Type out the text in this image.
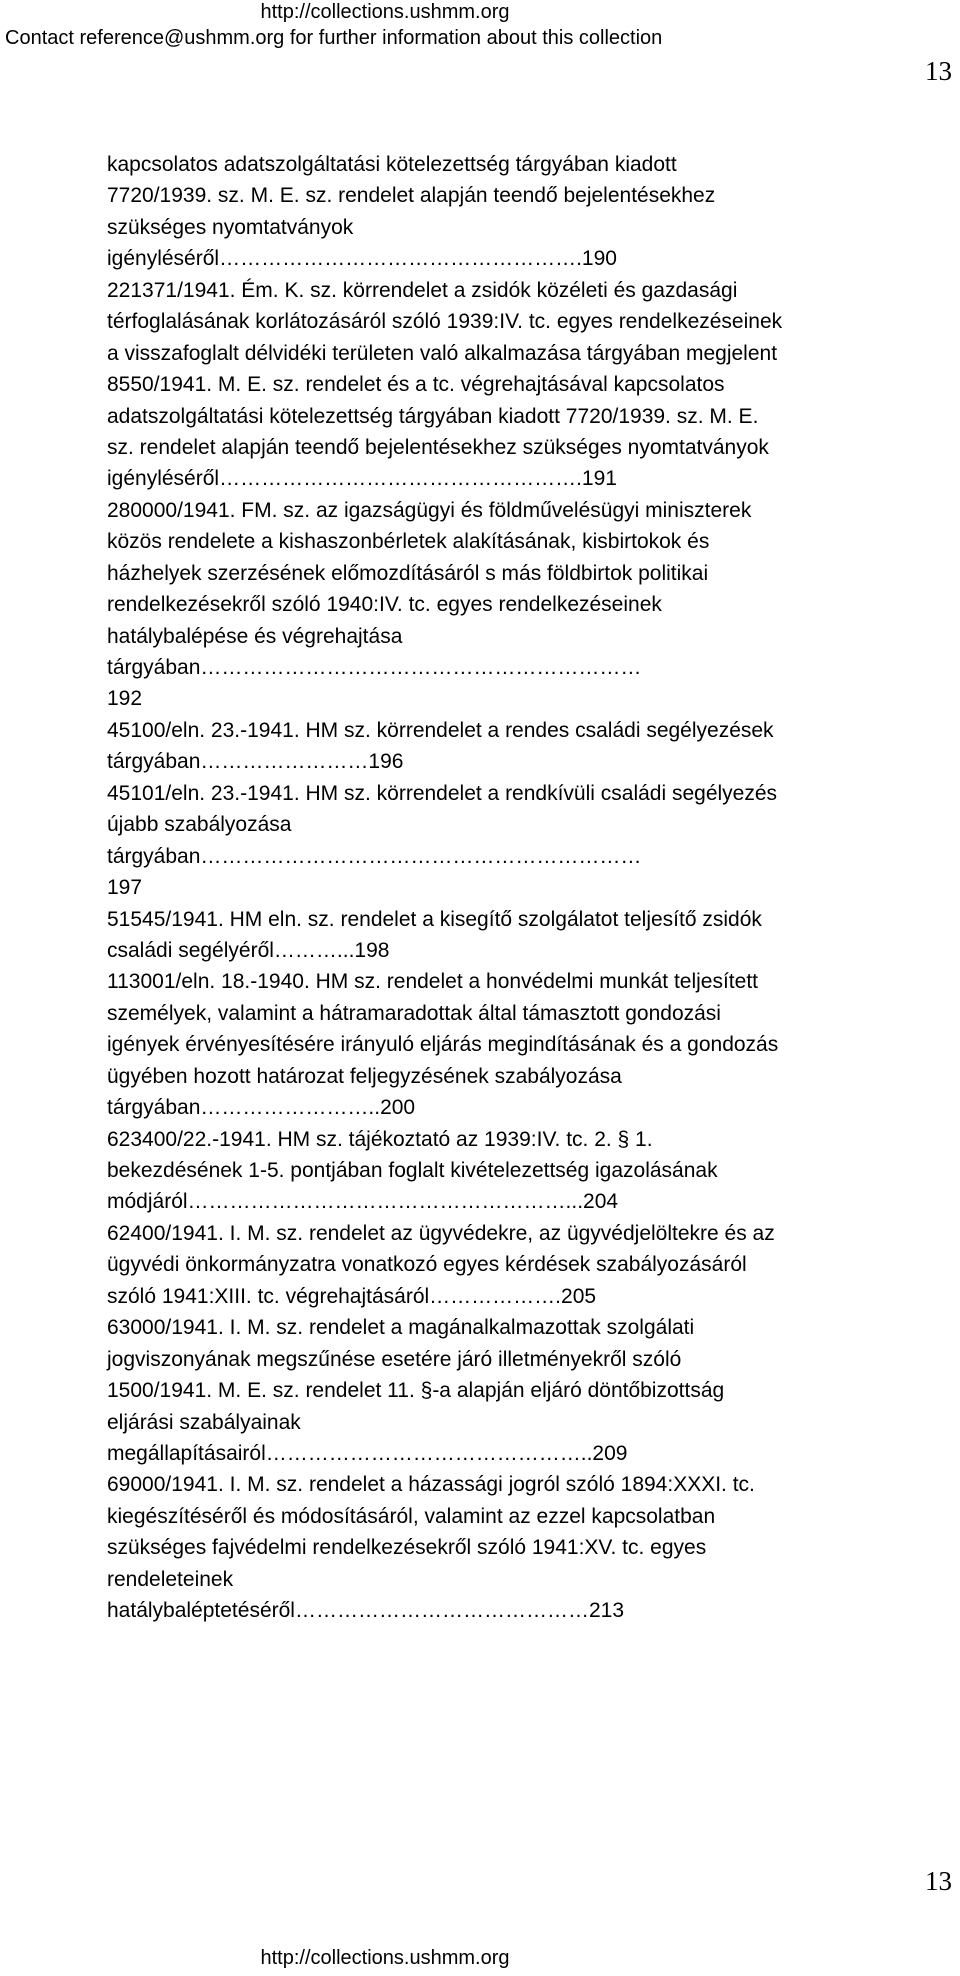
http://collections.ushmm.org
Contact reference@ushmm.org for further information about this collection
13
kapcsolatos adatszolgáltatási kötelezettség tárgyában kiadott
7720/1939. sz. M. E. sz. rendelet alapján teendő bejelentésekhez
szükséges nyomtatványok
igényléséről…………………………………………….190
221371/1941. Ém. K. sz. körrendelet a zsidók közéleti és gazdasági
térfoglalásának korlátozásáról szóló 1939:IV. tc. egyes rendelkezéseinek
a visszafoglalt délvidéki területen való alkalmazása tárgyában megjelent
8550/1941. M. E. sz. rendelet és a tc. végrehajtásával kapcsolatos
adatszolgáltatási kötelezettség tárgyában kiadott 7720/1939. sz. M. E.
sz. rendelet alapján teendő bejelentésekhez szükséges nyomtatványok
igényléséről…………………………………………….191
280000/1941. FM. sz. az igazságügyi és földművelésügyi miniszterek
közös rendelete a kishaszonbérletek alakításának, kisbirtokok és
házhelyek szerzésének előmozdításáról s más földbirtok politikai
rendelkezésekről szóló 1940:IV. tc. egyes rendelkezéseinek
hatálybalépése és végrehajtása
tárgyában………………………………………………………
192
45100/eln. 23.-1941. HM sz. körrendelet a rendes családi segélyezések
tárgyában……………………196
45101/eln. 23.-1941. HM sz. körrendelet a rendkívüli családi segélyezés
újabb szabályozása
tárgyában………………………………………………………
197
51545/1941. HM eln. sz. rendelet a kisegítő szolgálatot teljesítő zsidók
családi segélyéről………...198
113001/eln. 18.-1940. HM sz. rendelet a honvédelmi munkát teljesített
személyek, valamint a hátramaradottak által támasztott gondozási
igények érvényesítésére irányuló eljárás megindításának és a gondozás
ügyében hozott határozat feljegyzésének szabályozása
tárgyában……………………..200
623400/22.-1941. HM sz. tájékoztató az 1939:IV. tc. 2. § 1.
bekezdésének 1-5. pontjában foglalt kivételezettség igazolásának
módjáról………………………………………………...204
62400/1941. I. M. sz. rendelet az ügyvédekre, az ügyvédjelöltekre és az
ügyvédi önkormányzatra vonatkozó egyes kérdések szabályozásáról
szóló 1941:XIII. tc. végrehajtásáról……………….205
63000/1941. I. M. sz. rendelet a magánalkalmazottak szolgálati
jogviszonyának megszűnése esetére járó illetményekről szóló
1500/1941. M. E. sz. rendelet 11. §-a alapján eljáró döntőbizottság
eljárási szabályainak
megállapításairól………………………………………..209
69000/1941. I. M. sz. rendelet a házassági jogról szóló 1894:XXXI. tc.
kiegészítéséről és módosításáról, valamint az ezzel kapcsolatban
szükséges fajvédelmi rendelkezésekről szóló 1941:XV. tc. egyes
rendeleteinek
hatálybaléptetéséről……………………………………213
13
http://collections.ushmm.org
